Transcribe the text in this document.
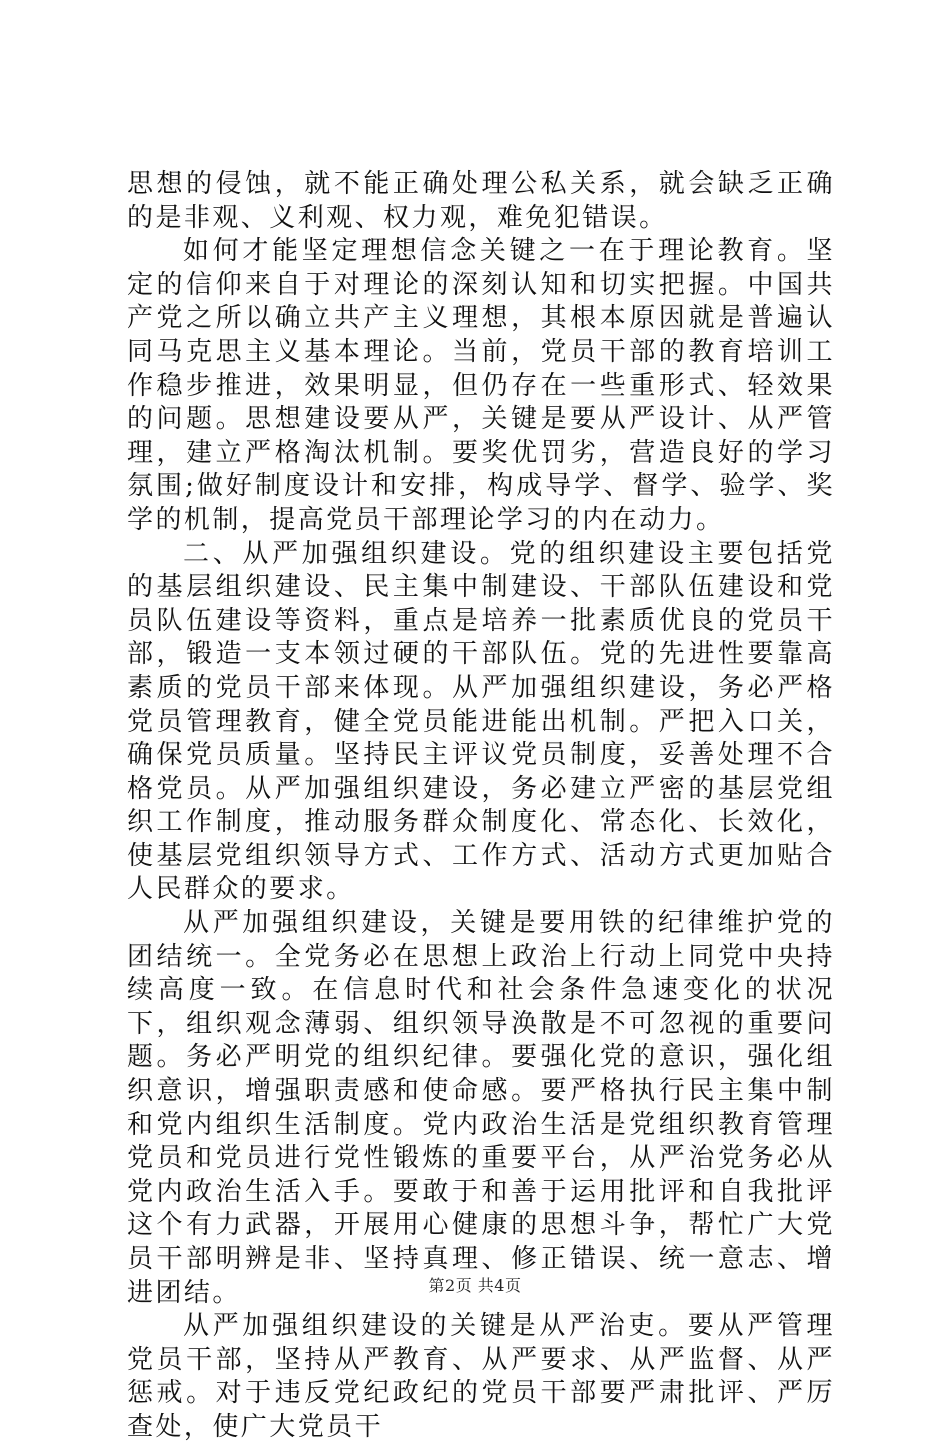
思想的侵蚀，就不能正确处理公私关系，就会缺乏正确的是非观、义利观、权力观，难免犯错误。

如何才能坚定理想信念关键之一在于理论教育。坚定的信仰来自于对理论的深刻认知和切实把握。中国共产党之所以确立共产主义理想，其根本原因就是普遍认同马克思主义基本理论。当前，党员干部的教育培训工作稳步推进，效果明显，但仍存在一些重形式、轻效果的问题。思想建设要从严，关键是要从严设计、从严管理，建立严格淘汰机制。要奖优罚劣，营造良好的学习氛围;做好制度设计和安排，构成导学、督学、验学、奖学的机制，提高党员干部理论学习的内在动力。

二、从严加强组织建设。党的组织建设主要包括党的基层组织建设、民主集中制建设、干部队伍建设和党员队伍建设等资料，重点是培养一批素质优良的党员干部，锻造一支本领过硬的干部队伍。党的先进性要靠高素质的党员干部来体现。从严加强组织建设，务必严格党员管理教育，健全党员能进能出机制。严把入口关，确保党员质量。坚持民主评议党员制度，妥善处理不合格党员。从严加强组织建设，务必建立严密的基层党组织工作制度，推动服务群众制度化、常态化、长效化，使基层党组织领导方式、工作方式、活动方式更加贴合人民群众的要求。

从严加强组织建设，关键是要用铁的纪律维护党的团结统一。全党务必在思想上政治上行动上同党中央持续高度一致。在信息时代和社会条件急速变化的状况下，组织观念薄弱、组织领导涣散是不可忽视的重要问题。务必严明党的组织纪律。要强化党的意识，强化组织意识，增强职责感和使命感。要严格执行民主集中制和党内组织生活制度。党内政治生活是党组织教育管理党员和党员进行党性锻炼的重要平台，从严治党务必从党内政治生活入手。要敢于和善于运用批评和自我批评这个有力武器，开展用心健康的思想斗争，帮忙广大党员干部明辨是非、坚持真理、修正错误、统一意志、增进团结。

从严加强组织建设的关键是从严治吏。要从严管理党员干部，坚持从严教育、从严要求、从严监督、从严惩戒。对于违反党纪政纪的党员干部要严肃批评、严厉查处，使广大党员干

第2页 共4页
